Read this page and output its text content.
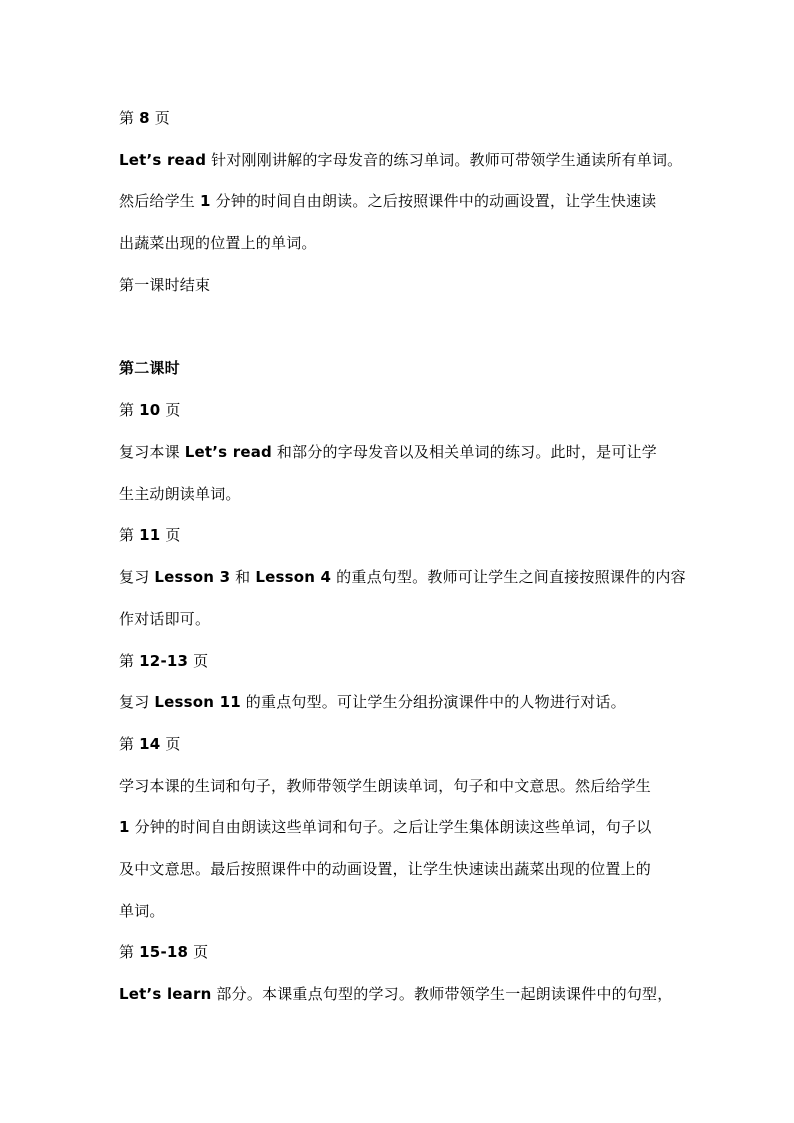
第 8 页
Let’s read 针对刚刚讲解的字母发音的练习单词。教师可带领学生通读所有单词。
然后给学生 1 分钟的时间自由朗读。之后按照课件中的动画设置，让学生快速读
出蔬菜出现的位置上的单词。
第一课时结束
第二课时
第 10 页
复习本课 Let’s read 和部分的字母发音以及相关单词的练习。此时，是可让学
生主动朗读单词。
第 11 页
复习 Lesson 3 和 Lesson 4 的重点句型。教师可让学生之间直接按照课件的内容
作对话即可。
第 12-13 页
复习 Lesson 11 的重点句型。可让学生分组扮演课件中的人物进行对话。
第 14 页
学习本课的生词和句子，教师带领学生朗读单词，句子和中文意思。然后给学生
1 分钟的时间自由朗读这些单词和句子。之后让学生集体朗读这些单词，句子以
及中文意思。最后按照课件中的动画设置，让学生快速读出蔬菜出现的位置上的
单词。
第 15-18 页
Let’s learn 部分。本课重点句型的学习。教师带领学生一起朗读课件中的句型，
